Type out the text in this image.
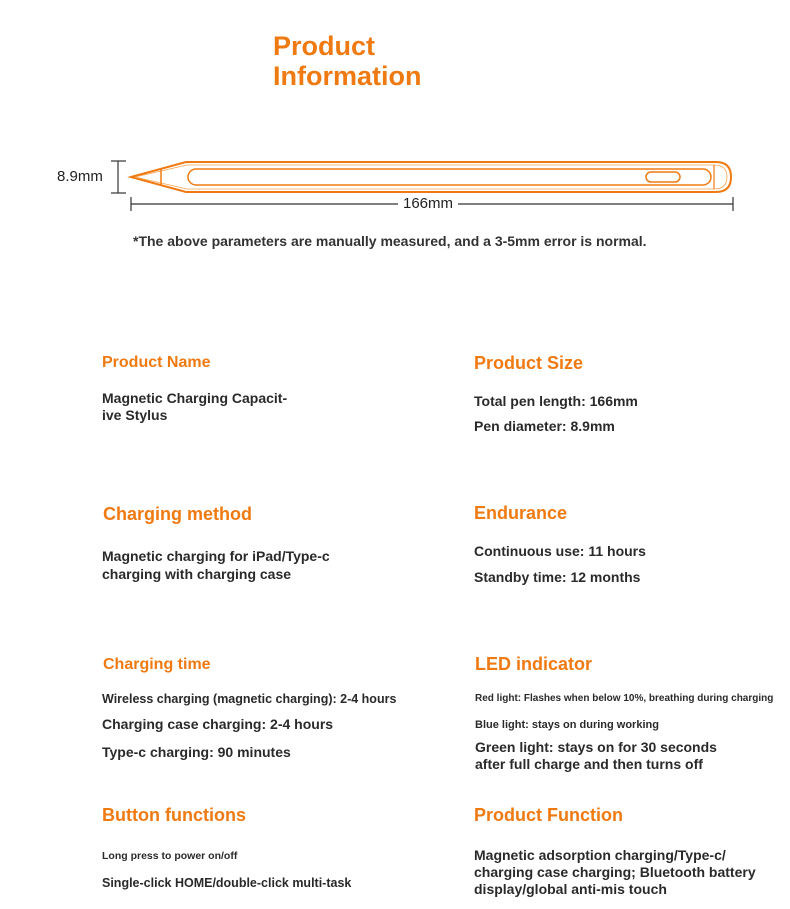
Product
Information
8.9mm
166mm
*The above parameters are manually measured, and a 3-5mm error is normal.
Product Name
Magnetic Charging Capacit-
ive Stylus
Product Size
Total pen length: 166mm
Pen diameter: 8.9mm
Charging method
Magnetic charging for iPad/Type-c
charging with charging case
Endurance
Continuous use: 11 hours
Standby time: 12 months
Charging time
Wireless charging (magnetic charging): 2-4 hours
Charging case charging: 2-4 hours
Type-c charging: 90 minutes
LED indicator
Red light: Flashes when below 10%, breathing during charging
Blue light: stays on during working
Green light: stays on for 30 seconds
after full charge and then turns off
Button functions
Long press to power on/off
Single-click HOME/double-click multi-task
Product Function
Magnetic adsorption charging/Type-c/
charging case charging; Bluetooth battery
display/global anti-mis touch
